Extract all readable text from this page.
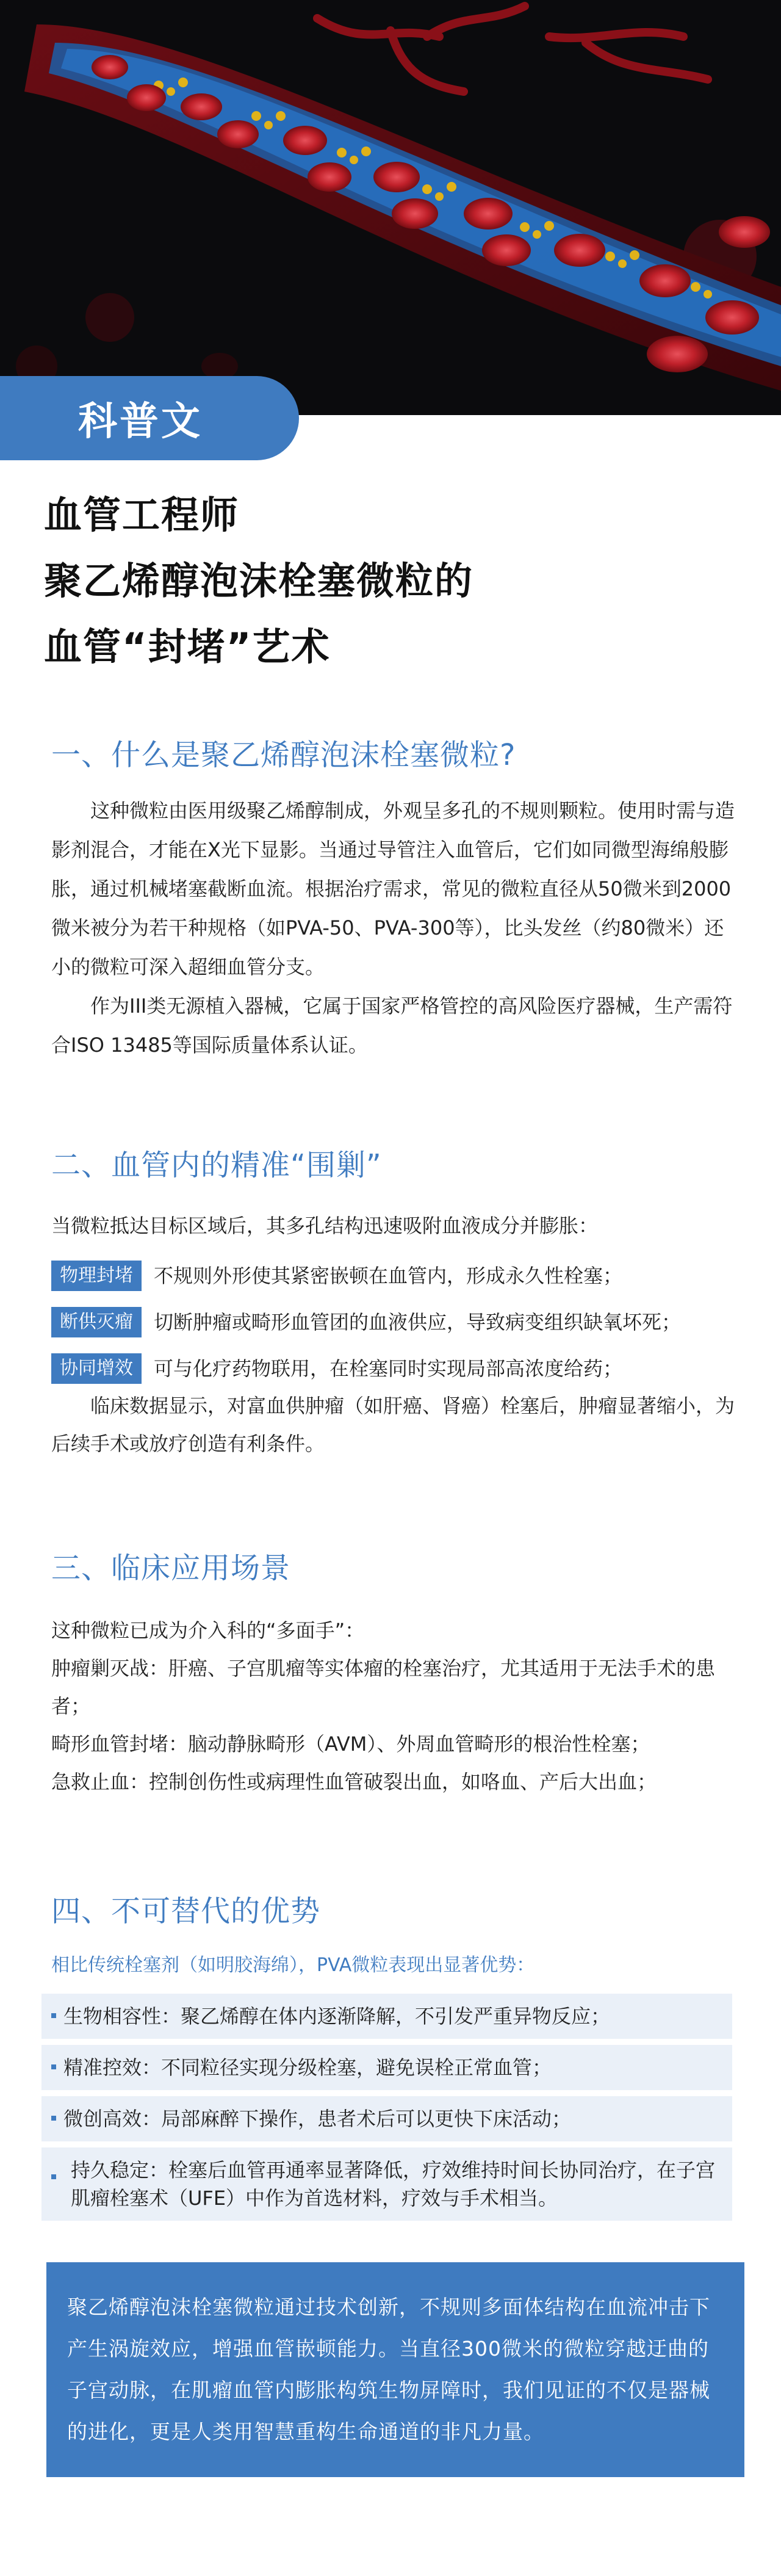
科普文
血管工程师
聚乙烯醇泡沫栓塞微粒的
血管“封堵”艺术
一、什么是聚乙烯醇泡沫栓塞微粒?

这种微粒由医用级聚乙烯醇制成，外观呈多孔的不规则颗粒。使用时需与造影剂混合，才能在X光下显影。当通过导管注入血管后，它们如同微型海绵般膨胀，通过机械堵塞截断血流。根据治疗需求，常见的微粒直径从50微米到2000微米被分为若干种规格（如PVA-50、PVA-300等），比头发丝（约80微米）还小的微粒可深入超细血管分支。

作为III类无源植入器械，它属于国家严格管控的高风险医疗器械，生产需符合ISO 13485等国际质量体系认证。

二、血管内的精准“围剿”
当微粒抵达目标区域后，其多孔结构迅速吸附血液成分并膨胀：
物理封堵	不规则外形使其紧密嵌顿在血管内，形成永久性栓塞；
断供灭瘤	切断肿瘤或畸形血管团的血液供应，导致病变组织缺氧坏死；
协同增效	可与化疗药物联用，在栓塞同时实现局部高浓度给药；

临床数据显示，对富血供肿瘤（如肝癌、肾癌）栓塞后，肿瘤显著缩小，为后续手术或放疗创造有利条件。

三、临床应用场景

这种微粒已成为介入科的“多面手”：

肿瘤剿灭战：肝癌、子宫肌瘤等实体瘤的栓塞治疗，尤其适用于无法手术的患者；

畸形血管封堵：脑动静脉畸形（AVM）、外周血管畸形的根治性栓塞；

急救止血：控制创伤性或病理性血管破裂出血，如咯血、产后大出血；

四、不可替代的优势
相比传统栓塞剂（如明胶海绵），PVA微粒表现出显著优势：
生物相容性：聚乙烯醇在体内逐渐降解，不引发严重异物反应；
精准控效：不同粒径实现分级栓塞，避免误栓正常血管；
微创高效：局部麻醉下操作，患者术后可以更快下床活动；
持久稳定：栓塞后血管再通率显著降低，疗效维持时间长协同治疗，在子宫肌瘤栓塞术（UFE）中作为首选材料，疗效与手术相当。

聚乙烯醇泡沫栓塞微粒通过技术创新，不规则多面体结构在血流冲击下产生涡旋效应，增强血管嵌顿能力。当直径300微米的微粒穿越迂曲的子宫动脉，在肌瘤血管内膨胀构筑生物屏障时，我们见证的不仅是器械的进化，更是人类用智慧重构生命通道的非凡力量。
